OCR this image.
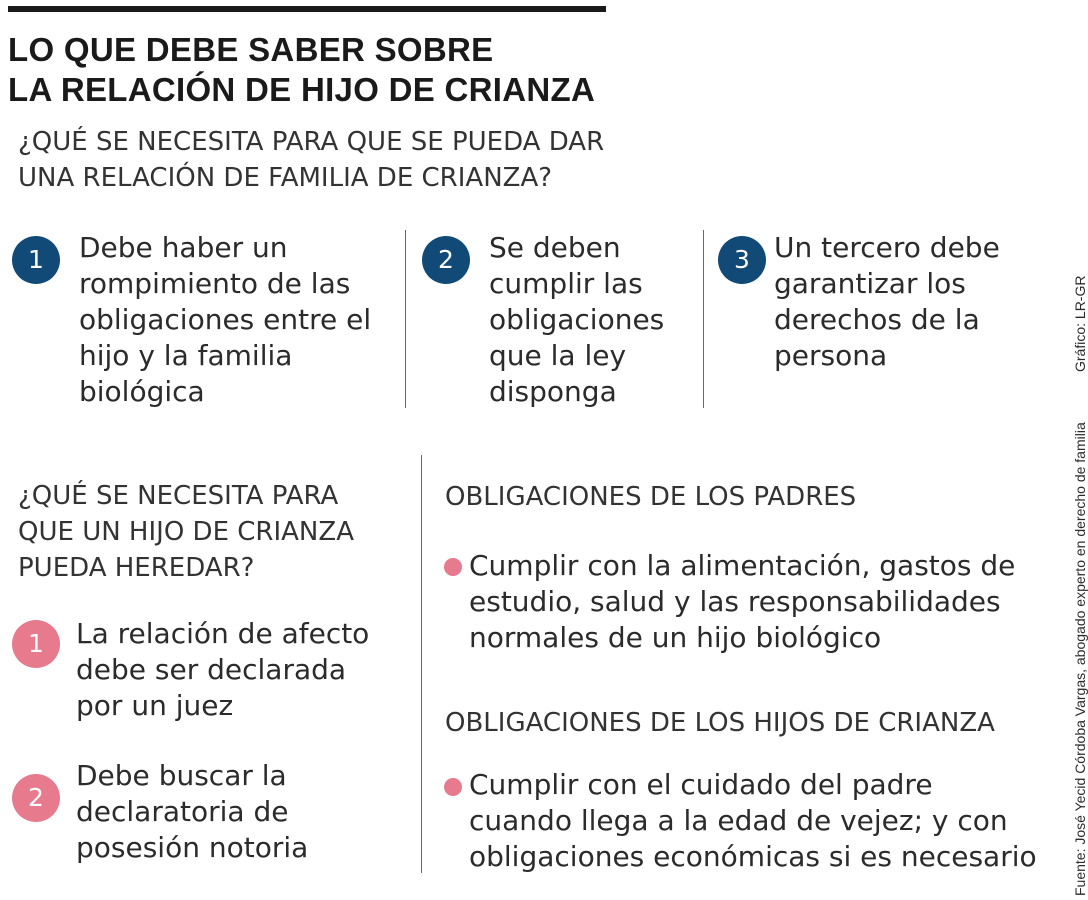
LO QUE DEBE SABER SOBRE
LA RELACIÓN DE HIJO DE CRIANZA
¿QUÉ SE NECESITA PARA QUE SE PUEDA DAR
UNA RELACIÓN DE FAMILIA DE CRIANZA?
1	Debe haber un
rompimiento de las
obligaciones entre el
hijo y la familia
biológica
2	Se deben
cumplir las
obligaciones
que la ley
disponga
3 Un tercero debe
garantizar los
derechos de la
persona
¿QUÉ SE NECESITA PARA
QUE UN HIJO DE CRIANZA
PUEDA HEREDAR?
1	La relación de afecto
debe ser declarada
por un juez
2
Debe buscar la
declaratoria de
posesión notoria
OBLIGACIONES DE LOS PADRES
Cumplir con la alimentación, gastos de
estudio, salud y las responsabilidades
normales de un hijo biológico
OBLIGACIONES DE LOS HIJOS DE CRIANZA
Cumplir con el cuidado del padre
cuando llega a la edad de vejez; y con
obligaciones económicas si es necesario	Fuente: José Yecid Córdoba Vargas, abogado experto en derecho de familia
Gráfico: LR-GR
